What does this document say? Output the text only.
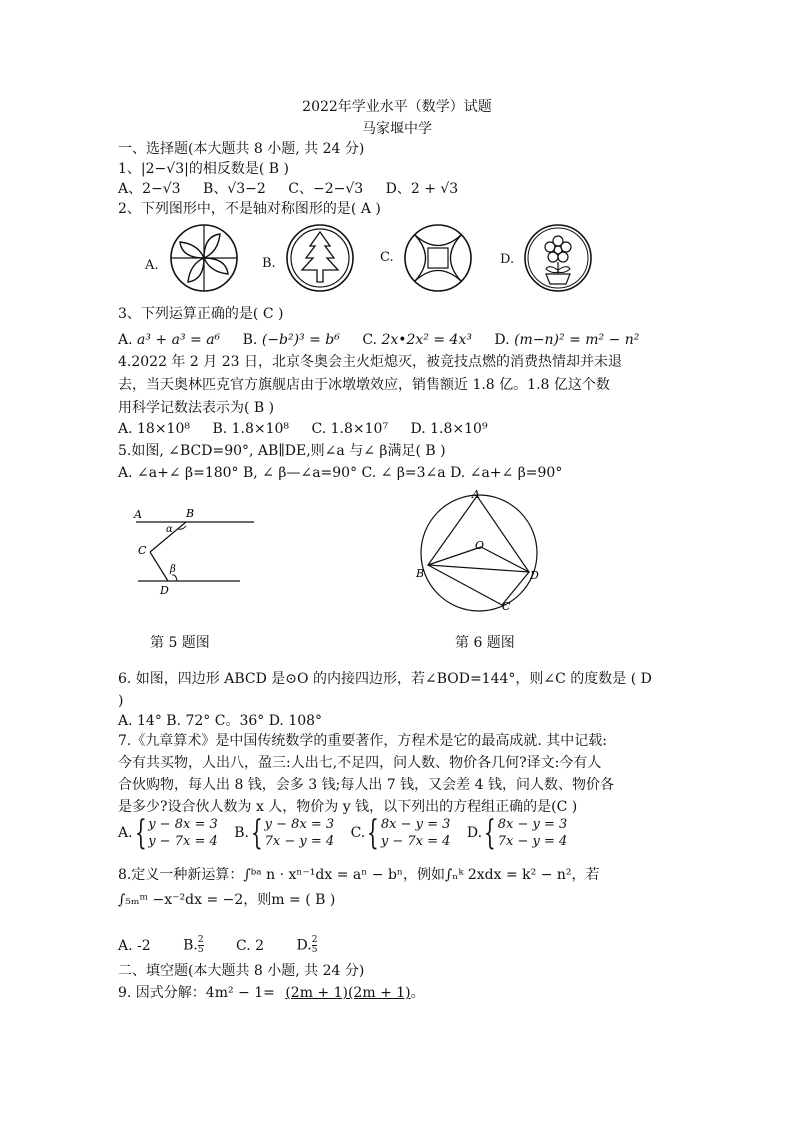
2022年学业水平（数学）试题
马家堰中学
一、选择题(本大题共 8 小题, 共 24 分)
1、|2−√3|的相反数是( B )
A、2−√3 B、√3−2 C、−2−√3 D、2 + √3
2、下列图形中，不是轴对称图形的是( A )
A.	B.	C.	D.
3、下列运算正确的是( C )
A. a³ + a³ = a⁶ B. (−b²)³ = b⁶ C. 2x•2x² = 4x³ D. (m−n)² = m² − n²
4.2022 年 2 月 23 日，北京冬奥会主火炬熄灭，被竞技点燃的消费热情却并未退
去，当天奥林匹克官方旗舰店由于冰墩墩效应，销售额近 1.8 亿。1.8 亿这个数
用科学记数法表示为( B )
A. 18×10⁸ B. 1.8×10⁸ C. 1.8×10⁷ D. 1.8×10⁹
5.如图, ∠BCD=90°, AB∥DE,则∠a 与∠ β满足( B )
A. ∠a+∠ β=180° B, ∠ β—∠a=90° C. ∠ β=3∠a D. ∠a+∠ β=90°
A	B
α
C
β
D
A
O
B	D
C
第 5 题图	第 6 题图
6. 如图，四边形 ABCD 是⊙O 的内接四边形，若∠BOD=144°，则∠C 的度数是 ( D
)
A. 14° B. 72° C。36° D. 108°
7.《九章算术》是中国传统数学的重要著作，方程术是它的最高成就. 其中记载:
今有共买物，人出八，盈三:人出七,不足四，问人数、物价各几何?译文:今有人
合伙购物，每人出 8 钱，会多 3 钱;每人出 7 钱，又会差 4 钱，问人数、物价各
是多少?设合伙人数为 x 人，物价为 y 钱，以下列出的方程组正确的是(C )
A.{ y − 8x = 3
y − 7x = 4
B.{ y − 8x = 3
7x − y = 4
C.{ 8x − y = 3
y − 7x = 4
D.{ 8x − y = 3
7x − y = 4
8.定义一种新运算：∫ᵇᵃ n · xⁿ⁻¹dx = aⁿ − bⁿ，例如∫ₙᵏ 2xdx = k² − n²，若
∫₅ₘᵐ −x⁻²dx = −2，则m = ( B )
A. -2 B. $\frac{2}{5} C$. 2 D. $\frac{2}{5}$
二、填空题(本大题共 8 小题, 共 24 分)
9. 因式分解：4m² − 1= (2m + 1)(2m + 1)。
